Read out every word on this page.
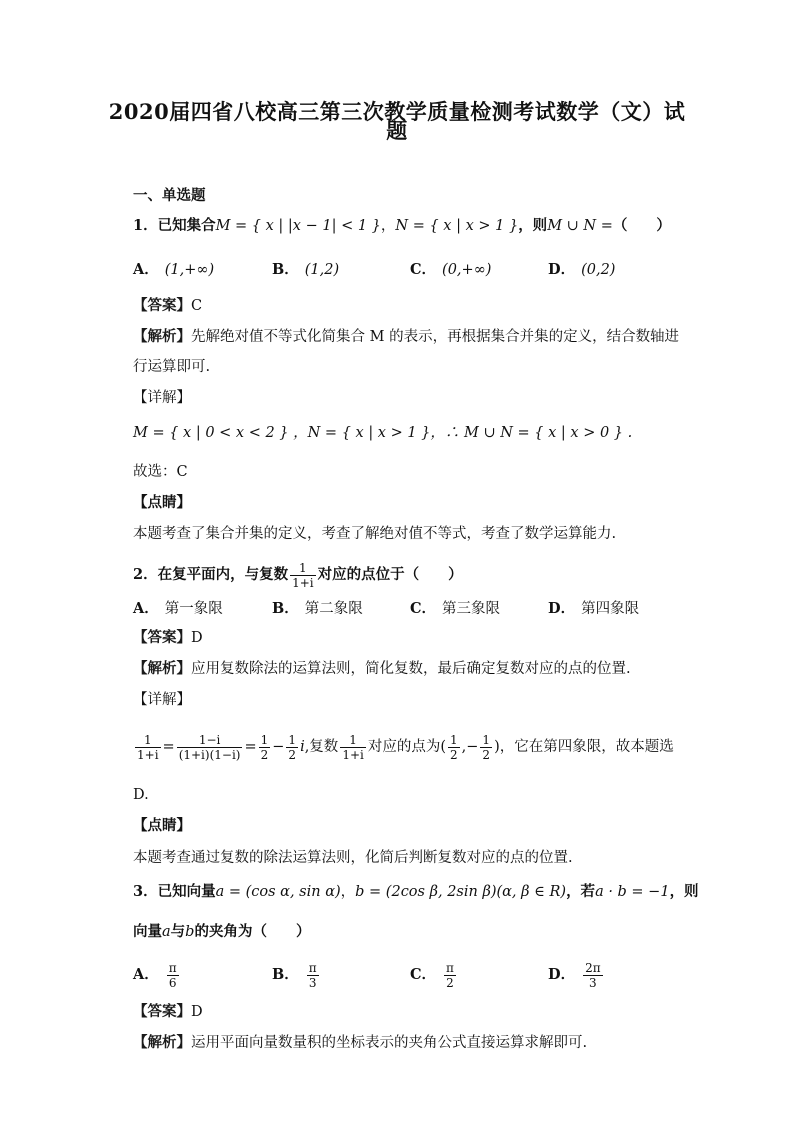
2020届四省八校高三第三次教学质量检测考试数学（文）试
题
一、单选题
1．已知集合M = { x | |x − 1| < 1 }，N = { x | x > 1 }，则M ∪ N =（　　）
A． (1,+∞)	B． (1,2)	C． (0,+∞)	D． (0,2)
【答案】C
【解析】先解绝对值不等式化简集合 M 的表示，再根据集合并集的定义，结合数轴进
行运算即可.
【详解】
M = { x | 0 < x < 2 } ，N = { x | x > 1 }，∴ M ∪ N = { x | x > 0 } .
故选：C
【点睛】
本题考查了集合并集的定义，考查了解绝对值不等式，考查了数学运算能力.
2．在复平面内，与复数 $\frac{1}{1+i}$ 对应的点位于（　　）
A． 第一象限	B． 第二象限	C． 第三象限	D． 第四象限
【答案】D
【解析】应用复数除法的运算法则，简化复数，最后确定复数对应的点的位置.
【详解】
$\frac{1}{1+i} = \frac{1-i}{(1+i)(1-i)} = \frac{1}{2} - \frac{1}{2} i$,复数 $\frac{1}{1+i}$ 对应的点为( $\frac{1}{2}$ ,− $\frac{1}{2}$ )，它在第四象限，故本题选
D.
【点睛】
本题考查通过复数的除法运算法则，化简后判断复数对应的点的位置.
3．已知向量a = (cos α, sin α)，b = (2cos β, 2sin β)(α, β ∈ R)，若a · b = −1，则
向量a与b的夹角为（　　）
A． $\frac{\pi}{6}$	B． $\frac{\pi}{3}$	C． $\frac{\pi}{2}$	D． $\frac{2\pi}{3}$
【答案】D
【解析】运用平面向量数量积的坐标表示的夹角公式直接运算求解即可.
